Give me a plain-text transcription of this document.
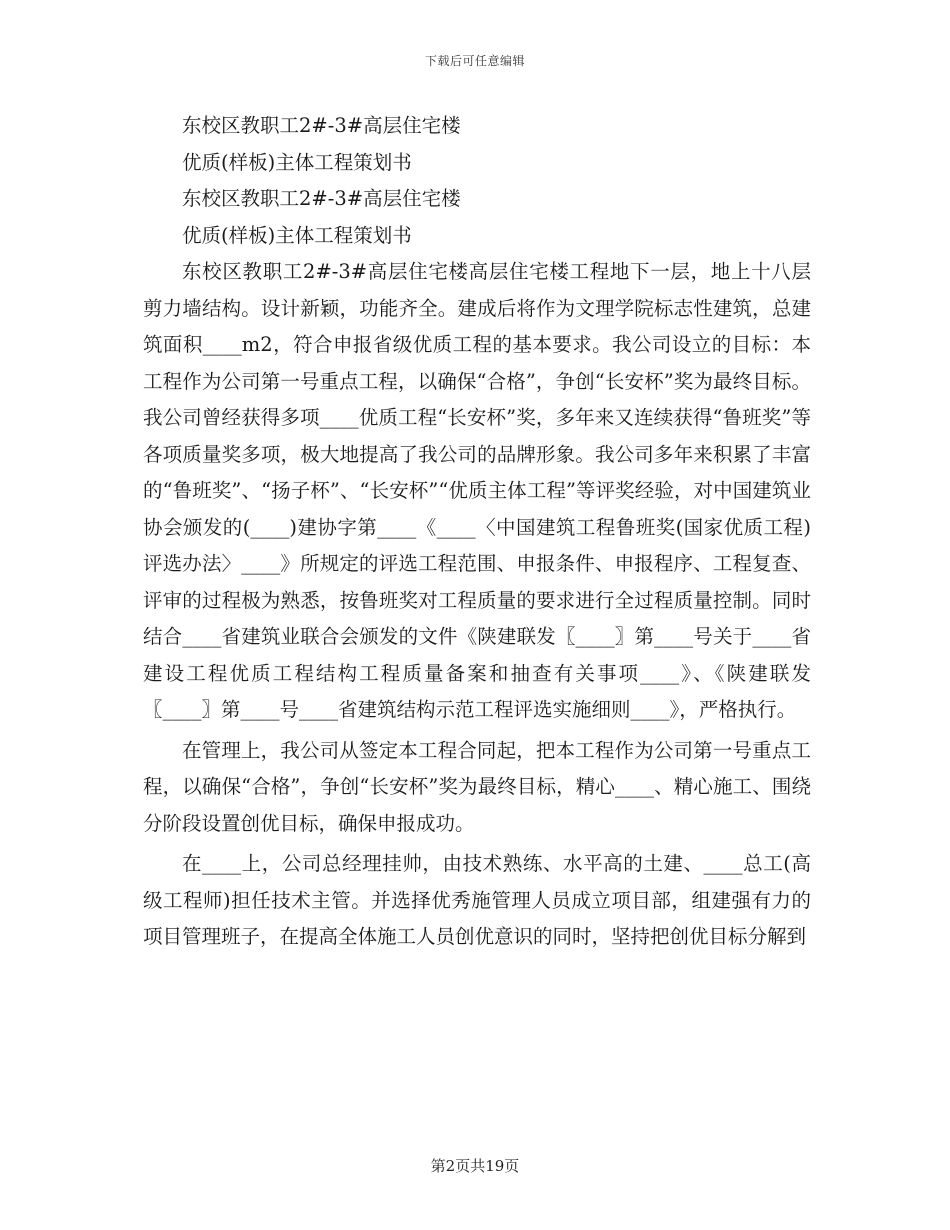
下载后可任意编辑

东校区教职工2#-3#高层住宅楼

优质(样板)主体工程策划书

东校区教职工2#-3#高层住宅楼

优质(样板)主体工程策划书

东校区教职工2#-3#高层住宅楼高层住宅楼工程地下一层，地上十八层剪力墙结构。设计新颖，功能齐全。建成后将作为文理学院标志性建筑，总建筑面积____m2，符合申报省级优质工程的基本要求。我公司设立的目标：本工程作为公司第一号重点工程，以确保“合格”，争创“长安杯”奖为最终目标。我公司曾经获得多项____优质工程“长安杯”奖，多年来又连续获得“鲁班奖”等各项质量奖多项，极大地提高了我公司的品牌形象。我公司多年来积累了丰富的“鲁班奖”、“扬子杯”、“长安杯”“优质主体工程”等评奖经验，对中国建筑业协会颁发的(____)建协字第____《____〈中国建筑工程鲁班奖(国家优质工程)评选办法〉____》所规定的评选工程范围、申报条件、申报程序、工程复查、评审的过程极为熟悉，按鲁班奖对工程质量的要求进行全过程质量控制。同时结合____省建筑业联合会颁发的文件《陕建联发〖____〗第____号关于____省建设工程优质工程结构工程质量备案和抽查有关事项____》、《陕建联发〖____〗第____号____省建筑结构示范工程评选实施细则____》，严格执行。

在管理上，我公司从签定本工程合同起，把本工程作为公司第一号重点工程，以确保“合格”，争创“长安杯”奖为最终目标，精心____、精心施工、围绕分阶段设置创优目标，确保申报成功。

在____上，公司总经理挂帅，由技术熟练、水平高的土建、____总工(高级工程师)担任技术主管。并选择优秀施管理人员成立项目部，组建强有力的项目管理班子，在提高全体施工人员创优意识的同时，坚持把创优目标分解到

第2页共19页
